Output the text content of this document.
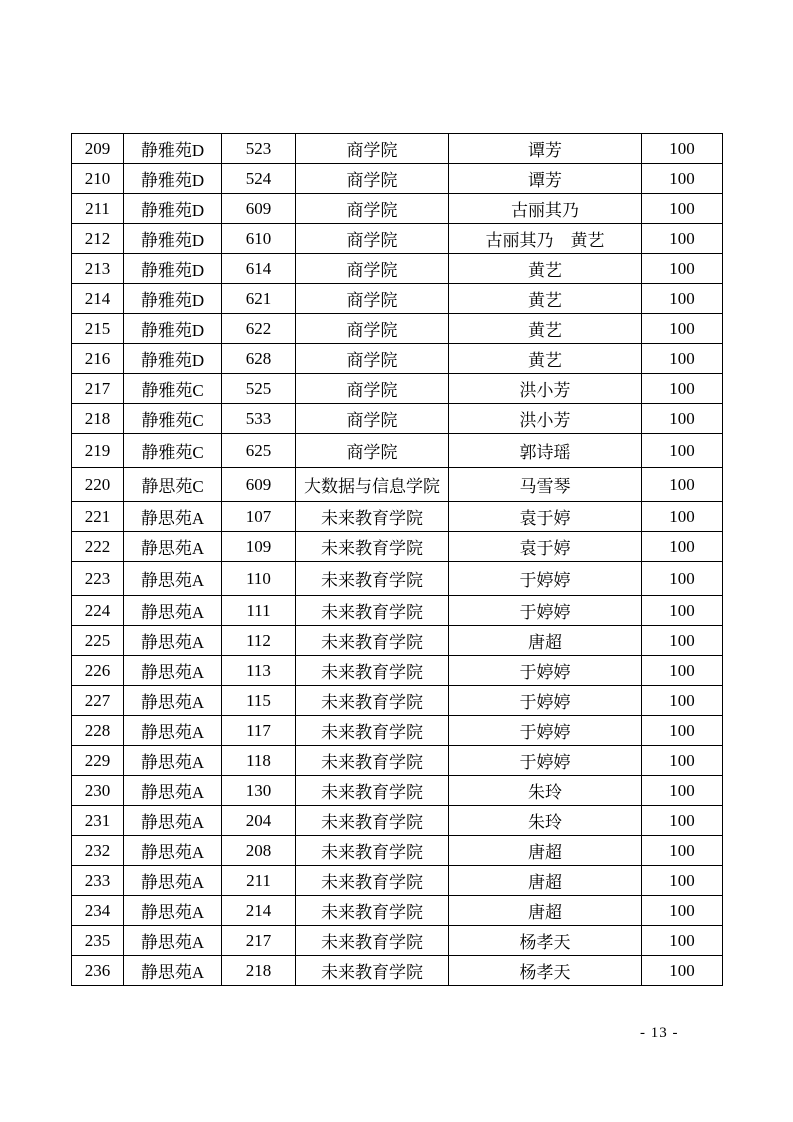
209	静雅苑D	523	商学院	谭芳	100
210	静雅苑D	524	商学院	谭芳	100
211	静雅苑D	609	商学院	古丽其乃	100
212	静雅苑D	610	商学院	古丽其乃　黄艺	100
213	静雅苑D	614	商学院	黄艺	100
214	静雅苑D	621	商学院	黄艺	100
215	静雅苑D	622	商学院	黄艺	100
216	静雅苑D	628	商学院	黄艺	100
217	静雅苑C	525	商学院	洪小芳	100
218	静雅苑C	533	商学院	洪小芳	100
219	静雅苑C	625	商学院	郭诗瑶	100
220	静思苑C	609	大数据与信息学院	马雪琴	100
221	静思苑A	107	未来教育学院	袁于婷	100
222	静思苑A	109	未来教育学院	袁于婷	100
223	静思苑A	110	未来教育学院	于婷婷	100
224	静思苑A	111	未来教育学院	于婷婷	100
225	静思苑A	112	未来教育学院	唐超	100
226	静思苑A	113	未来教育学院	于婷婷	100
227	静思苑A	115	未来教育学院	于婷婷	100
228	静思苑A	117	未来教育学院	于婷婷	100
229	静思苑A	118	未来教育学院	于婷婷	100
230	静思苑A	130	未来教育学院	朱玲	100
231	静思苑A	204	未来教育学院	朱玲	100
232	静思苑A	208	未来教育学院	唐超	100
233	静思苑A	211	未来教育学院	唐超	100
234	静思苑A	214	未来教育学院	唐超	100
235	静思苑A	217	未来教育学院	杨孝天	100
236	静思苑A	218	未来教育学院	杨孝天	100
- 13 -
